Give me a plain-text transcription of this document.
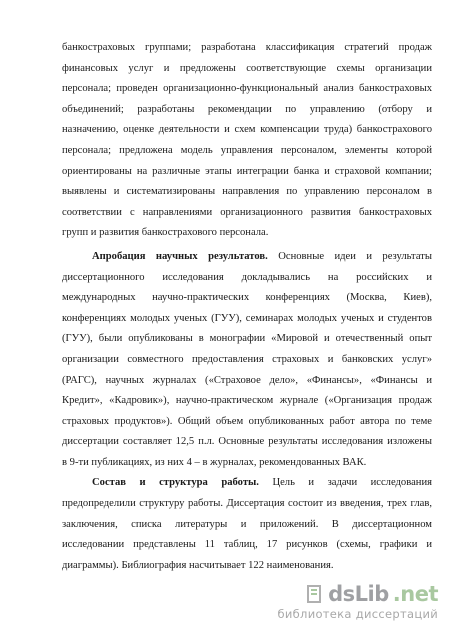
банкостраховых группами; разработана классификация стратегий продаж

финансовых услуг и предложены соответствующие схемы организации

персонала; проведен организационно-функциональный анализ банкостраховых

объединений; разработаны рекомендации по управлению (отбору и

назначению, оценке деятельности и схем компенсации труда) банкострахового

персонала; предложена модель управления персоналом, элементы которой

ориентированы на различные этапы интеграции банка и страховой компании;

выявлены и систематизированы направления по управлению персоналом в

соответствии с направлениями организационного развития банкостраховых

групп и развития банкострахового персонала.

Апробация научных результатов. Основные идеи и результаты

диссертационного исследования докладывались на российских и

международных научно-практических конференциях (Москва, Киев),

конференциях молодых ученых (ГУУ), семинарах молодых ученых и студентов

(ГУУ), были опубликованы в монографии «Мировой и отечественный опыт

организации совместного предоставления страховых и банковских услуг»

(РАГС), научных журналах («Страховое дело», «Финансы», «Финансы и

Кредит», «Кадровик»), научно-практическом журнале («Организация продаж

страховых продуктов»). Общий объем опубликованных работ автора по теме

диссертации составляет 12,5 п.л. Основные результаты исследования изложены

в 9-ти публикациях, из них 4 – в журналах, рекомендованных ВАК.

Состав и структура работы. Цель и задачи исследования

предопределили структуру работы. Диссертация состоит из введения, трех глав,

заключения, списка литературы и приложений. В диссертационном

исследовании представлены 11 таблиц, 17 рисунков (схемы, графики и

диаграммы). Библиография насчитывает 122 наименования.

dsLib .net
библиотека диссертаций
